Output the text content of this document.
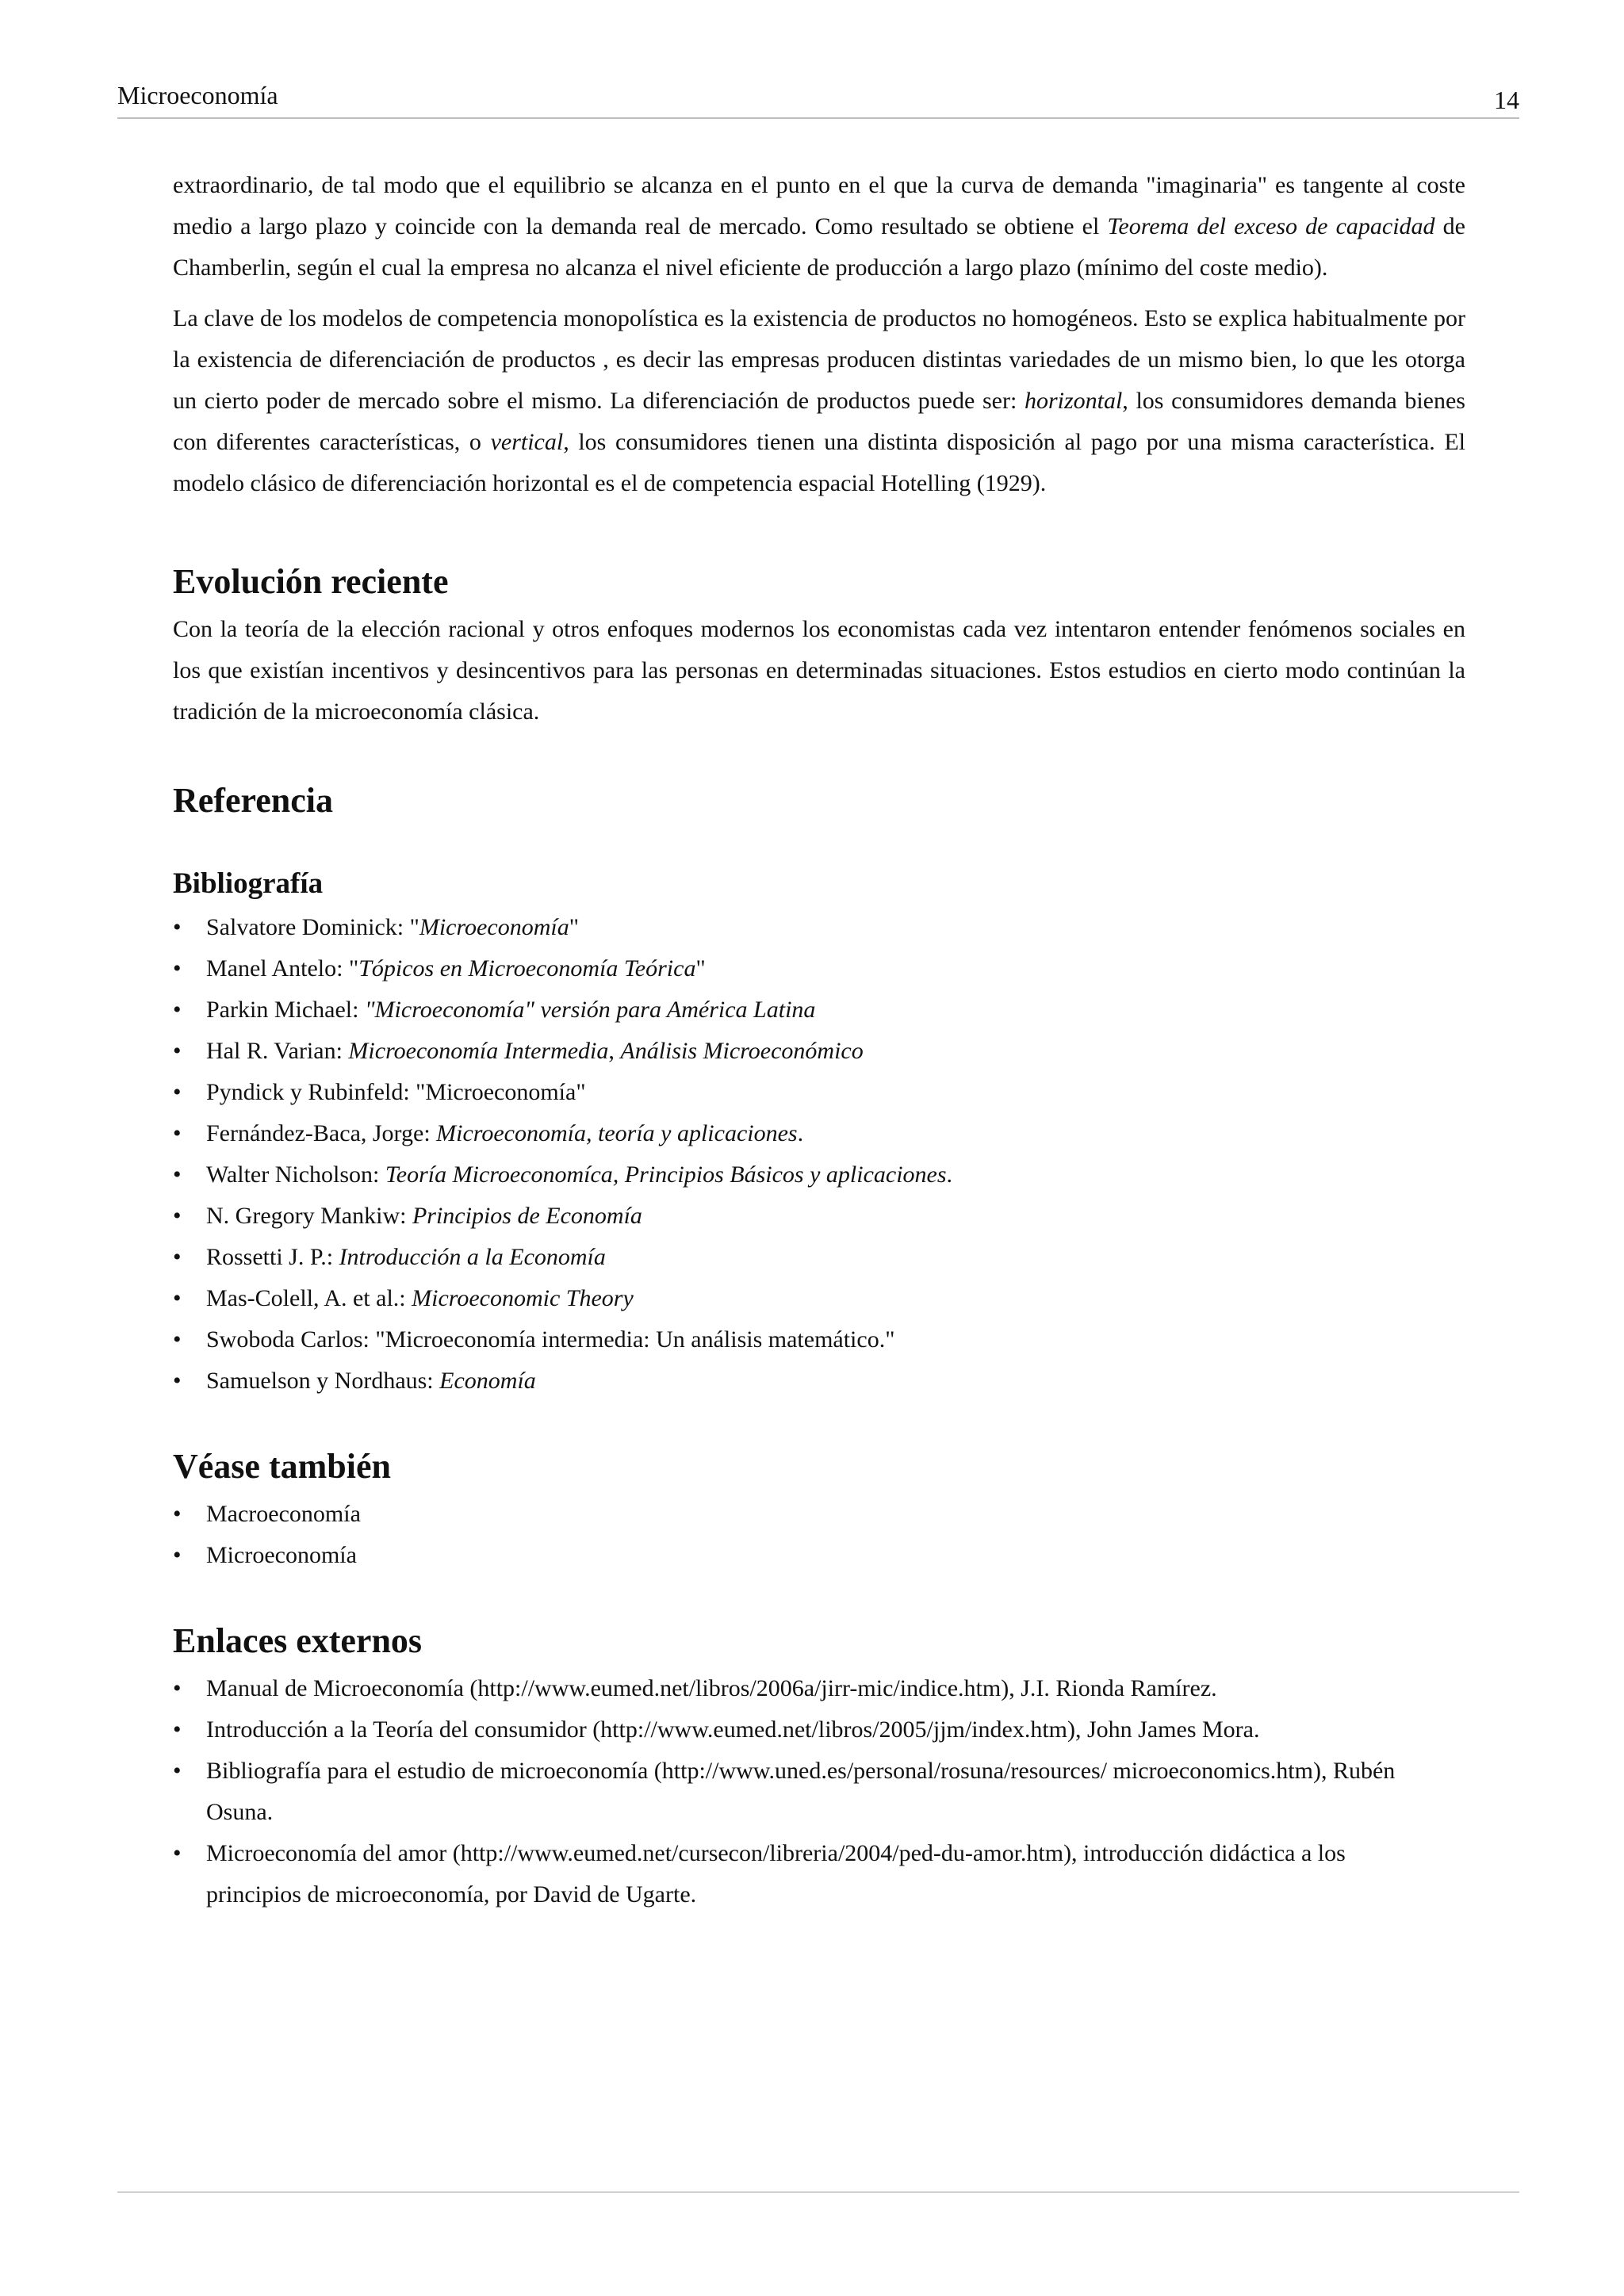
Microeconomía	14

extraordinario, de tal modo que el equilibrio se alcanza en el punto en el que la curva de demanda "imaginaria" es tangente al coste medio a largo plazo y coincide con la demanda real de mercado. Como resultado se obtiene el Teorema del exceso de capacidad de Chamberlin, según el cual la empresa no alcanza el nivel eficiente de producción a largo plazo (mínimo del coste medio).

La clave de los modelos de competencia monopolística es la existencia de productos no homogéneos. Esto se explica habitualmente por la existencia de diferenciación de productos , es decir las empresas producen distintas variedades de un mismo bien, lo que les otorga un cierto poder de mercado sobre el mismo. La diferenciación de productos puede ser: horizontal, los consumidores demanda bienes con diferentes características, o vertical, los consumidores tienen una distinta disposición al pago por una misma característica. El modelo clásico de diferenciación horizontal es el de competencia espacial Hotelling (1929).

Evolución reciente

Con la teoría de la elección racional y otros enfoques modernos los economistas cada vez intentaron entender fenómenos sociales en los que existían incentivos y desincentivos para las personas en determinadas situaciones. Estos estudios en cierto modo continúan la tradición de la microeconomía clásica.

Referencia
Bibliografía
• Salvatore Dominick: "Microeconomía"
• Manel Antelo: "Tópicos en Microeconomía Teórica"
• Parkin Michael: "Microeconomía" versión para América Latina
• Hal R. Varian: Microeconomía Intermedia, Análisis Microeconómico
• Pyndick y Rubinfeld: "Microeconomía"
• Fernández-Baca, Jorge: Microeconomía, teoría y aplicaciones.
• Walter Nicholson: Teoría Microeconomíca, Principios Básicos y aplicaciones.
• N. Gregory Mankiw: Principios de Economía
• Rossetti J. P.: Introducción a la Economía
• Mas-Colell, A. et al.: Microeconomic Theory
• Swoboda Carlos: "Microeconomía intermedia: Un análisis matemático."
• Samuelson y Nordhaus: Economía
Véase también
• Macroeconomía
• Microeconomía
Enlaces externos
• Manual de Microeconomía (http://www.eumed.net/libros/2006a/jirr-mic/indice.htm), J.I. Rionda Ramírez.
• Introducción a la Teoría del consumidor (http://www.eumed.net/libros/2005/jjm/index.htm), John James Mora.
• Bibliografía para el estudio de microeconomía (http://www.uned.es/personal/rosuna/resources/ microeconomics.htm), Rubén Osuna.
• Microeconomía del amor (http://www.eumed.net/cursecon/libreria/2004/ped-du-amor.htm), introducción didáctica a los principios de microeconomía, por David de Ugarte.
